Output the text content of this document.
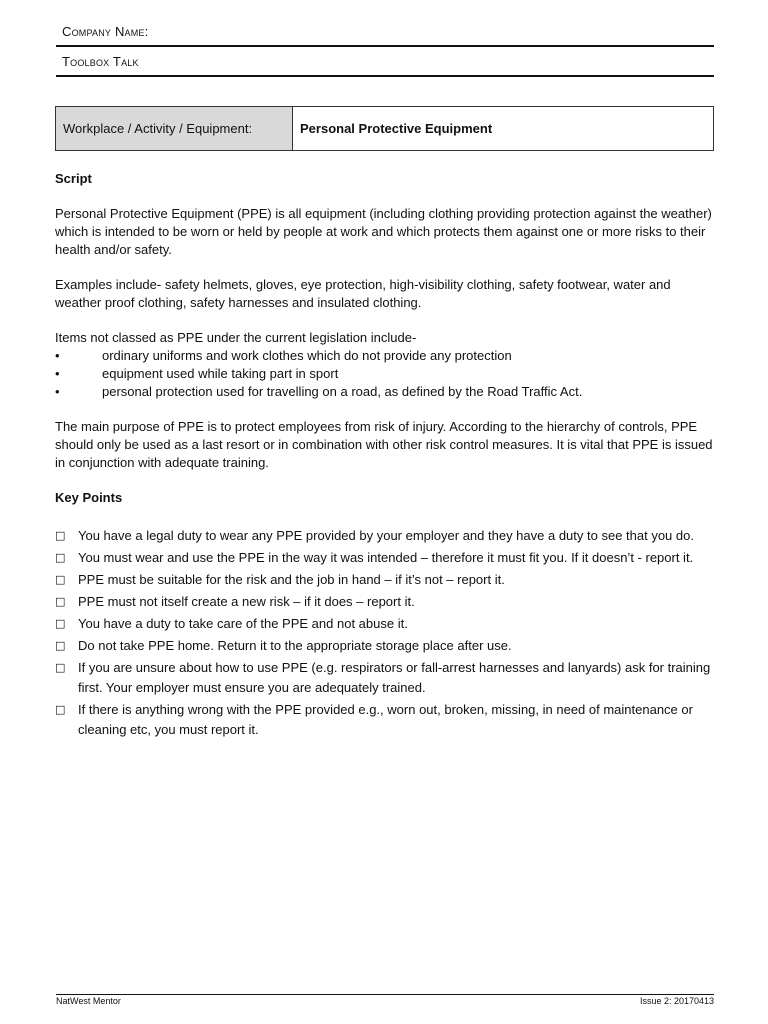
Company Name:
Toolbox Talk
Workplace / Activity / Equipment:	Personal Protective Equipment
Script
Personal Protective Equipment (PPE) is all equipment (including clothing providing protection against the weather) which is intended to be worn or held by people at work and which protects them against one or more risks to their health and/or safety.
Examples include- safety helmets, gloves, eye protection, high-visibility clothing, safety footwear, water and weather proof clothing, safety harnesses and insulated clothing.
Items not classed as PPE under the current legislation include-
•	ordinary uniforms and work clothes which do not provide any protection
•	equipment used while taking part in sport
•	personal protection used for travelling on a road, as defined by the Road Traffic Act.
The main purpose of PPE is to protect employees from risk of injury. According to the hierarchy of controls, PPE should only be used as a last resort or in combination with other risk control measures. It is vital that PPE is issued in conjunction with adequate training.
Key Points
□ You have a legal duty to wear any PPE provided by your employer and they have a duty to see that you do.
□ You must wear and use the PPE in the way it was intended – therefore it must fit you. If it doesn’t - report it.
□ PPE must be suitable for the risk and the job in hand – if it’s not – report it.
□ PPE must not itself create a new risk – if it does – report it.
□ You have a duty to take care of the PPE and not abuse it.
□ Do not take PPE home. Return it to the appropriate storage place after use.
□ If you are unsure about how to use PPE (e.g. respirators or fall-arrest harnesses and lanyards) ask for training first. Your employer must ensure you are adequately trained.
□ If there is anything wrong with the PPE provided e.g., worn out, broken, missing, in need of maintenance or cleaning etc, you must report it.
NatWest Mentor	Issue 2: 20170413
